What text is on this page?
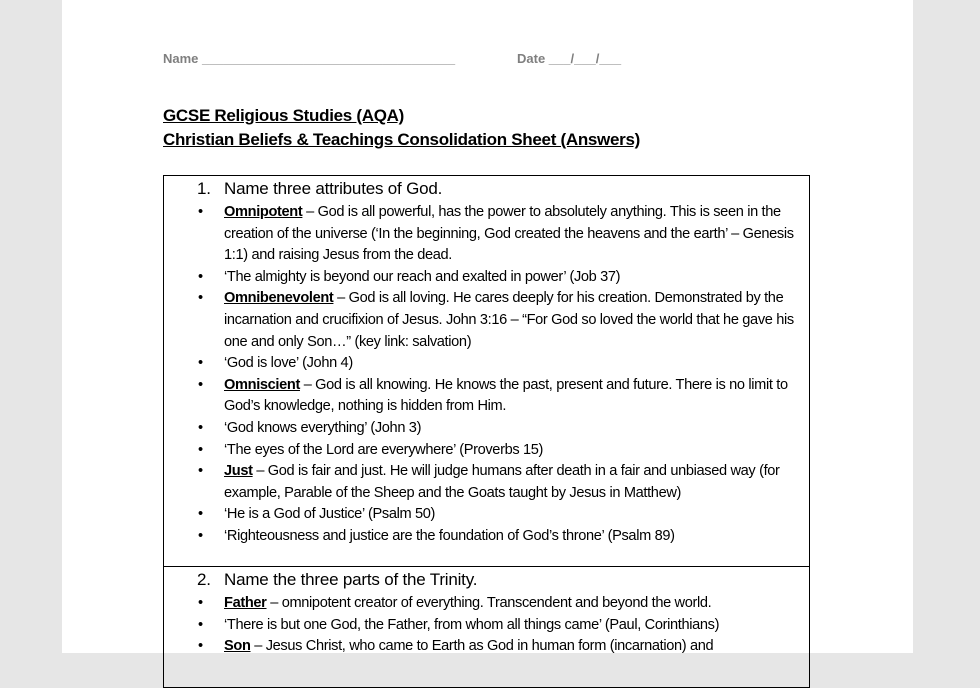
Name ___________________________________	Date ___/___/___
GCSE Religious Studies (AQA)
Christian Beliefs & Teachings Consolidation Sheet (Answers)
1. Name three attributes of God.
• Omnipotent – God is all powerful, has the power to absolutely anything. This is seen in the creation of the universe (‘In the beginning, God created the heavens and the earth’ – Genesis 1:1) and raising Jesus from the dead.
• ‘The almighty is beyond our reach and exalted in power’ (Job 37)
• Omnibenevolent – God is all loving. He cares deeply for his creation. Demonstrated by the incarnation and crucifixion of Jesus. John 3:16 – “For God so loved the world that he gave his one and only Son…” (key link: salvation)
• ‘God is love’ (John 4)
• Omniscient – God is all knowing. He knows the past, present and future. There is no limit to God’s knowledge, nothing is hidden from Him.
• ‘God knows everything’ (John 3)
• ‘The eyes of the Lord are everywhere’ (Proverbs 15)
• Just – God is fair and just. He will judge humans after death in a fair and unbiased way (for example, Parable of the Sheep and the Goats taught by Jesus in Matthew)
• ‘He is a God of Justice’ (Psalm 50)
• ‘Righteousness and justice are the foundation of God’s throne’ (Psalm 89)
2. Name the three parts of the Trinity.
• Father – omnipotent creator of everything. Transcendent and beyond the world.
• ‘There is but one God, the Father, from whom all things came’ (Paul, Corinthians)
• Son – Jesus Christ, who came to Earth as God in human form (incarnation) and
